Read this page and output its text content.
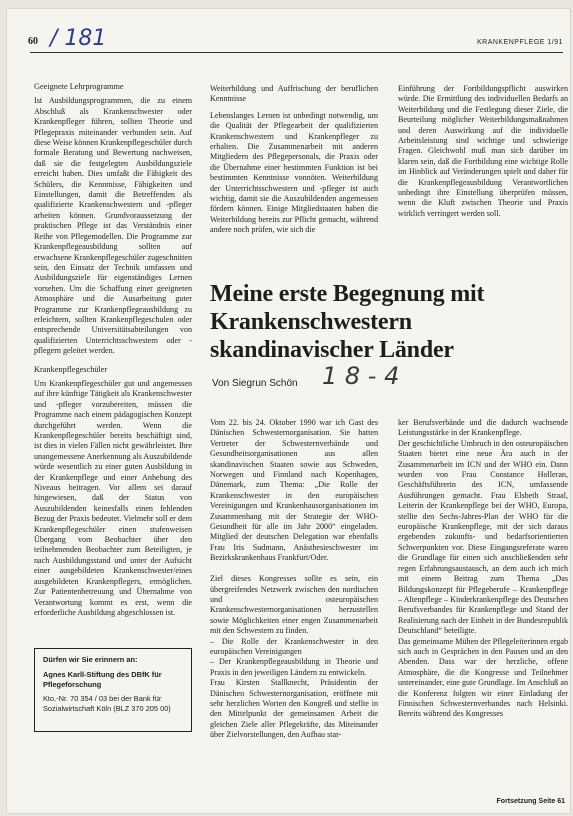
60 / 181	KRANKENPFLEGE 1/91
Geeignete Lehrprogramme

Ist Ausbildungsprogrammen, die zu einem Abschluß als Krankenschwester oder Krankenpfleger führen, sollten Theorie und Pflegepraxis miteinander verbunden sein. Auf diese Weise können Krankenpflegeschüler durch formale Beratung und Bewertung nachweisen, daß sie die festgelegten Ausbildungsziele erreicht haben. Dies umfaßt die Fähigkeit des Schülers, die Kenntnisse, Fähigkeiten und Einstellungen, damit die Betreffenden als qualifizierte Krankenschwestern und -pfleger arbeiten können. Grundvoraussetzung der praktischen Pflege ist das Verständnis einer Reihe von Pflegemodellen. Die Programme zur Krankenpflegeausbildung sollten auf erwachsene Krankenpflegeschüler zugeschnitten sein, den Einsatz der Technik umfassen und Ausbildungsziele für eigenständiges Lernen vorsehen. Um die Schaffung einer geeigneten Atmosphäre und die Ausarbeitung guter Programme zur Krankenpflegeausbildung zu erleichtern, sollten Krankenpflegeschulen oder entsprechende Universitätsabteilungen von qualifizierten Unterrichtsschwestern oder -pflegern geleitet werden.

Krankenpflegeschüler

Um Krankenpflegeschüler gut und angemessen auf ihre künftige Tätigkeit als Krankenschwester und -pfleger vorzubereiten, müssen die Programme nach einem pädagogischen Konzept durchgeführt werden. Wenn die Krankenpflegeschüler bereits beschäftigt sind, ist dies in vielen Fällen nicht gewährleistet. Ihre unangemessene Anerkennung als Auszubildende würde wesentlich zu einer guten Ausbildung in der Krankenpflege und einer Anhebung des Niveaus beitragen. Vor allem sei darauf hingewiesen, daß der Status von Auszubildenden keinesfalls einen fehlenden Bezug der Praxis bedeutet. Vielmehr soll er dem Krankenpflegeschüler einen stufenweisen Übergang vom Beobachter über den teilnehmenden Beobachter zum Beteiligten, je nach Ausbildungsstand und unter der Aufsicht einer ausgebildeten Krankenschwester/eines ausgebildeten Krankenpflegers, ermöglichen. Zur Patientenbetreuung und Übernahme von Verantwortung kommt es erst, wenn die erforderliche Ausbildung abgeschlossen ist.

Dürfen wir Sie erinnern an:
Agnes Karll-Stiftung des DBfK für Pflegeforschung
Kto.-Nr. 70 354 / 03 bei der Bank für Sozialwirtschaft Köln (BLZ 370 205 00)

Weiterbildung und Auffrischung der beruflichen Kenntnisse

Lebenslanges Lernen ist unbedingt notwendig, um die Qualität der Pflegearbeit der qualifizierten Krankenschwestern und Krankenpfleger zu erhalten. Die Zusammenarbeit mit anderen Mitgliedern des Pflegepersonals, die Praxis oder die Übernahme einer bestimmten Funktion ist bei bestimmten Kenntnisse vonnöten. Weiterbildung der Unterrichtsschwestern und -pfleger ist auch wichtig, damit sie die Auszubildenden angemessen fördern können. Einige Mitgliedstaaten haben die Weiterbildung bereits zur Pflicht gemacht, während andere noch prüfen, wie sich die

Einführung der Fortbildungspflicht auswirken würde. Die Ermittlung des individuellen Bedarfs an Weiterbildung und die Festlegung dieser Ziele, die Beurteilung möglicher Weiterbildungsmaßnahmen und deren Auswirkung auf die individuelle Arbeitsleistung sind wichtige und schwierige Fragen. Gleichwohl muß man sich darüber im klaren sein, daß die Fortbildung eine wichtige Rolle im Hinblick auf Veränderungen spielt und daher für die Krankenpflegeausbildung Verantwortlichen unbedingt ihre Einstellung überprüfen müssen, wenn die Kluft zwischen Theorie und Praxis wirklich verringert werden soll.

Meine erste Begegnung mit Krankenschwestern skandinavischer Länder
1 8 - 4
Von Siegrun Schön

Vom 22. bis 24. Oktober 1990 war ich Gast des Dänischen Schwesternorganisation. Sie hatten Vertreter der Schwesternverbände und Gesundheitsorganisationen aus allen skandinavischen Staaten sowie aus Schweden, Norwegen und Finnland nach Kopenhagen, Dänemark, zum Thema: „Die Rolle der Krankenschwester in den europäischen Vereinigungen und Krankenhausorganisationen im Zusammenhang mit der Strategie der WHO-Gesundheit für alle im Jahr 2000“ eingeladen. Mitglied der deutschen Delegation war ebenfalls Frau Iris Sudmann, Anästhesieschwester im Bezirkskrankenhaus Frankfurt/Oder.

Ziel dieses Kongresses sollte es sein, ein übergreifendes Netzwerk zwischen den nordischen und osteuropäischen Krankenschwesternorganisationen herzustellen sowie Möglichkeiten einer engen Zusammenarbeit mit den Schwestern zu finden.
– Die Rolle der Krankenschwester in den europäischen Vereinigungen
– Der Krankenpflegeausbildung in Theorie und Praxis in den jeweiligen Ländern zu entwickeln.
Frau Kirsten Stallknecht, Präsidentin der Dänischen Schwesternorganisation, eröffnete mit sehr herzlichen Worten den Kongreß und stellte in den Mittelpunkt der gemeinsamen Arbeit die gleichen Ziele aller Pflegekräfte, das Miteinander über Zielvorstellungen, den Aufbau star-

ker Berufsverbände und die dadurch wachsende Leistungsstärke in der Krankenpflege.
Der geschichtliche Umbruch in den osteuropäischen Staaten bietet eine neue Ära auch in der Zusammenarbeit im ICN und der WHO ein. Dann wurden von Frau Constance Holleran, Geschäftsführerin des ICN, umfassende Ausführungen gemacht. Frau Elsbeth Straal, Leiterin der Krankenpflege bei der WHO, Europa, stellte den Sechs-Jahres-Plan der WHO für die europäische Krankenpflege, mit der sich daraus ergebenden zukunfts- und bedarfsorientierten Schwerpunkten vor. Diese Eingangsreferate waren die Grundlage für einen sich anschließenden sehr regen Erfahrungsaustausch, an dem auch ich mich mit einem Beitrag zum Thema „Das Bildungskonzept für Pflegeberufe – Krankenpflege – Altenpflege – Kinderkrankenpflege des Deutschen Berufsverbandes für Krankenpflege und Stand der Realisierung nach der Einheit in der Bundesrepublik Deutschland“ beteiligte.
Das gemeinsame Mühen der Pflegeleiterinnen ergab sich auch in Gesprächen in den Pausen und an den Abenden. Dass war der herzliche, offene Atmosphäre, die die Kongresse und Teilnehmer untereinander, eine gute Grundlage. Im Anschluß an die Konferenz folgten wir einer Einladung der Finnischen Schwesternverbandes nach Helsinki. Bereits während des Kongresses

Fortsetzung Seite 61
